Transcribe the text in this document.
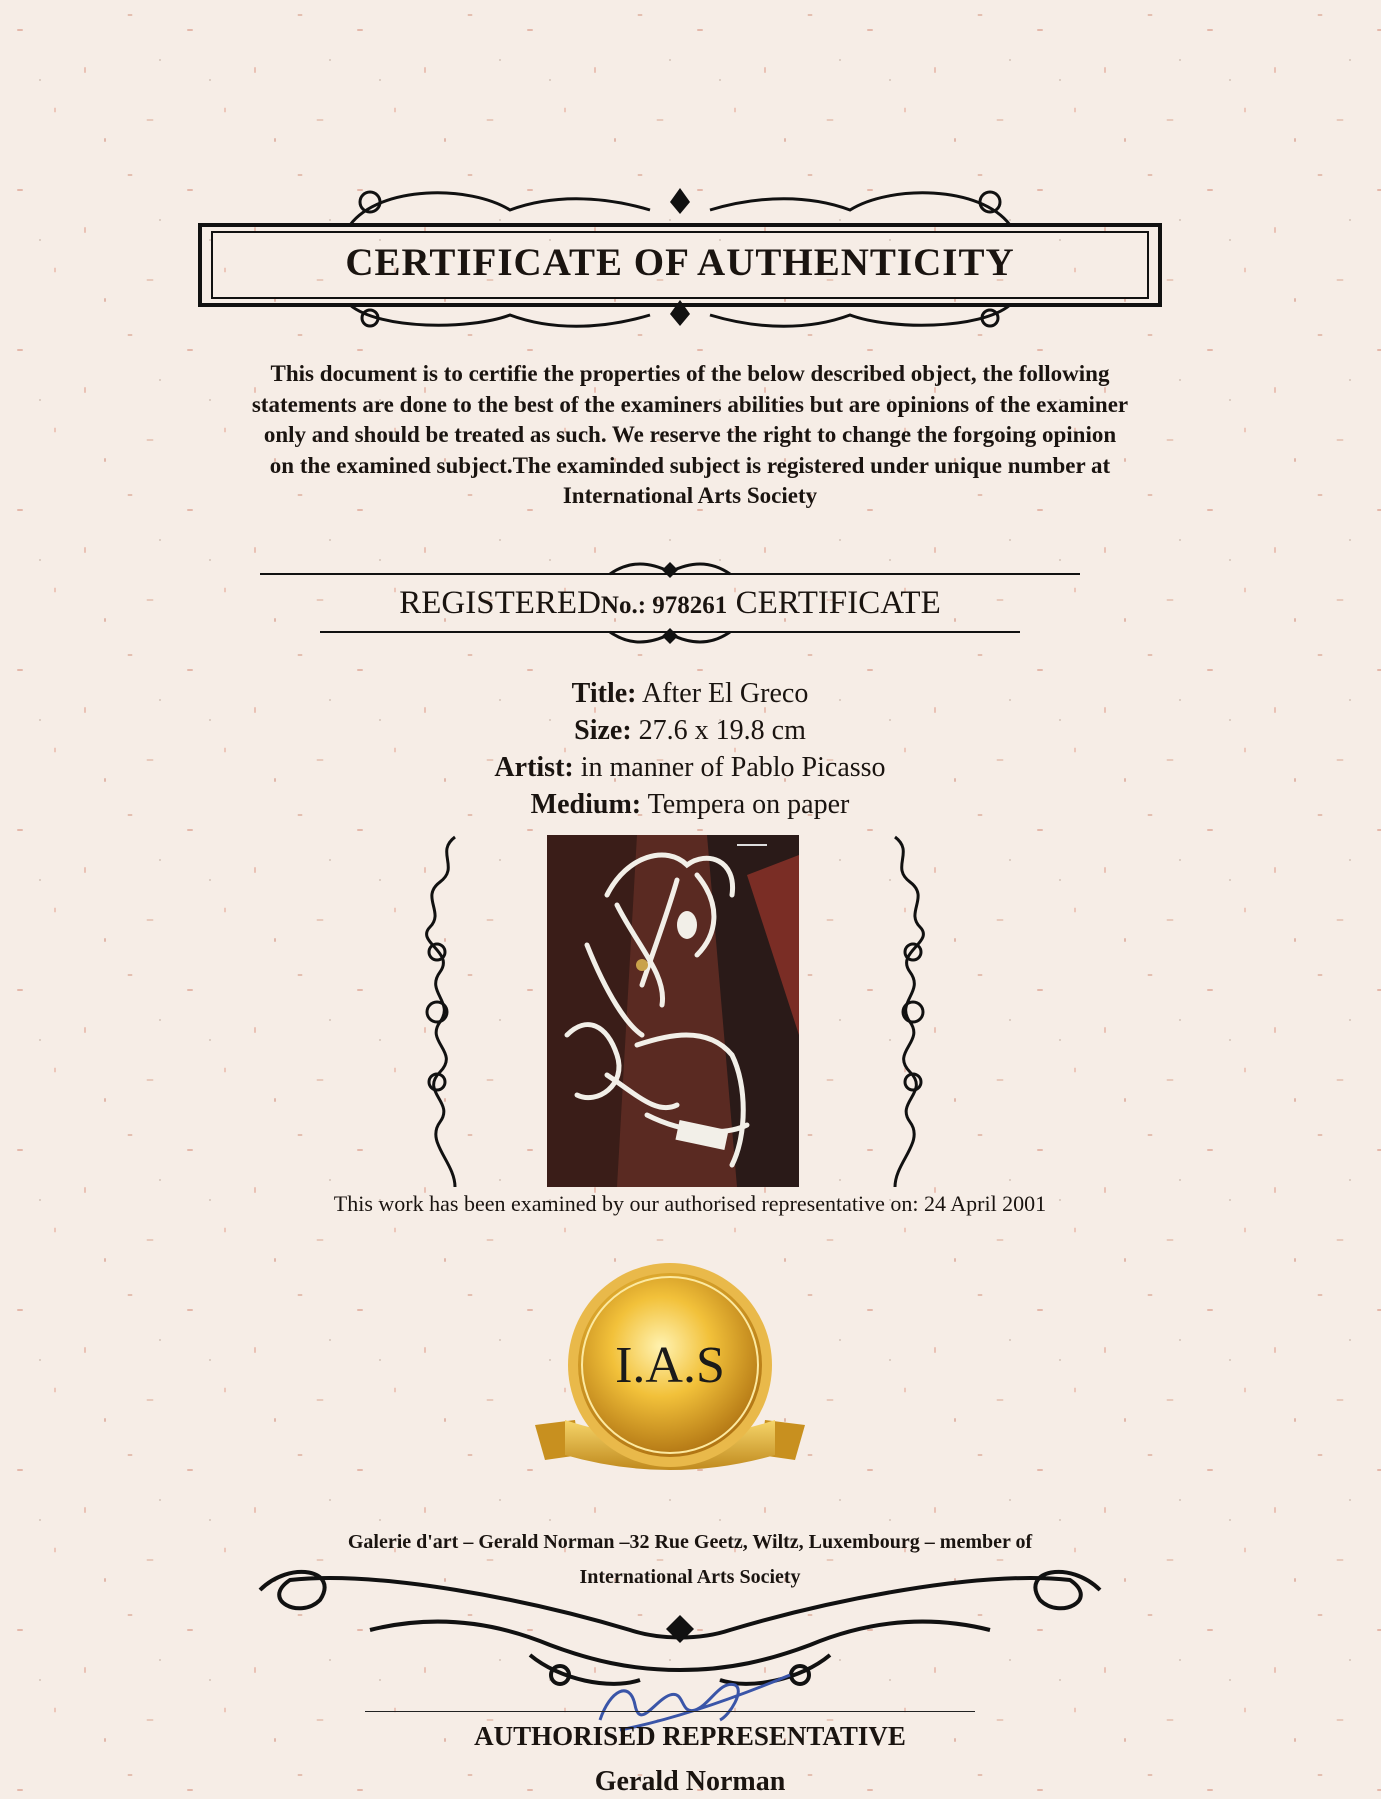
CERTIFICATE OF AUTHENTICITY
This document is to certifie the properties of the below described object, the following
statements are done to the best of the examiners abilities but are opinions of the examiner
only and should be treated as such. We reserve the right to change the forgoing opinion
on the examined subject.The examinded subject is registered under unique number at
International Arts Society
REGISTEREDNo.: 978261 CERTIFICATE
Title: After El Greco
Size: 27.6 x 19.8 cm
Artist: in manner of Pablo Picasso
Medium: Tempera on paper
This work has been examined by our authorised representative on: 24 April 2001
I.A.S
Galerie d'art – Gerald Norman –32 Rue Geetz, Wiltz, Luxembourg – member of
International Arts Society
AUTHORISED REPRESENTATIVE
Gerald Norman
